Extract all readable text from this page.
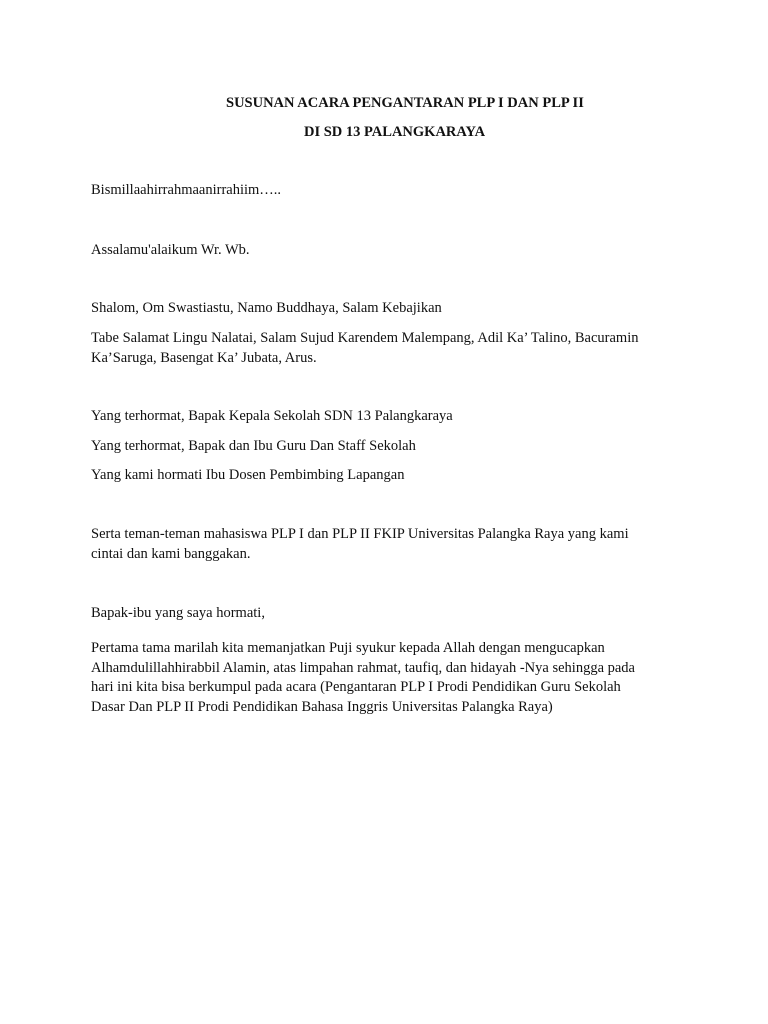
SUSUNAN ACARA PENGANTARAN PLP I DAN PLP II
DI SD 13 PALANGKARAYA

Bismillaahirrahmaanirrahiim…..

Assalamu'alaikum Wr. Wb.

Shalom, Om Swastiastu, Namo Buddhaya, Salam Kebajikan

Tabe Salamat Lingu Nalatai, Salam Sujud Karendem Malempang, Adil Ka’ Talino, Bacuramin
Ka’Saruga, Basengat Ka’ Jubata, Arus.

Yang terhormat, Bapak Kepala Sekolah SDN 13 Palangkaraya

Yang terhormat, Bapak dan Ibu Guru Dan Staff Sekolah

Yang kami hormati Ibu Dosen Pembimbing Lapangan

Serta teman-teman mahasiswa PLP I dan PLP II FKIP Universitas Palangka Raya yang kami
cintai dan kami banggakan.

Bapak-ibu yang saya hormati,

Pertama tama marilah kita memanjatkan Puji syukur kepada Allah dengan mengucapkan
Alhamdulillahhirabbil Alamin, atas limpahan rahmat, taufiq, dan hidayah -Nya sehingga pada
hari ini kita bisa berkumpul pada acara (Pengantaran PLP I Prodi Pendidikan Guru Sekolah
Dasar Dan PLP II Prodi Pendidikan Bahasa Inggris Universitas Palangka Raya)
